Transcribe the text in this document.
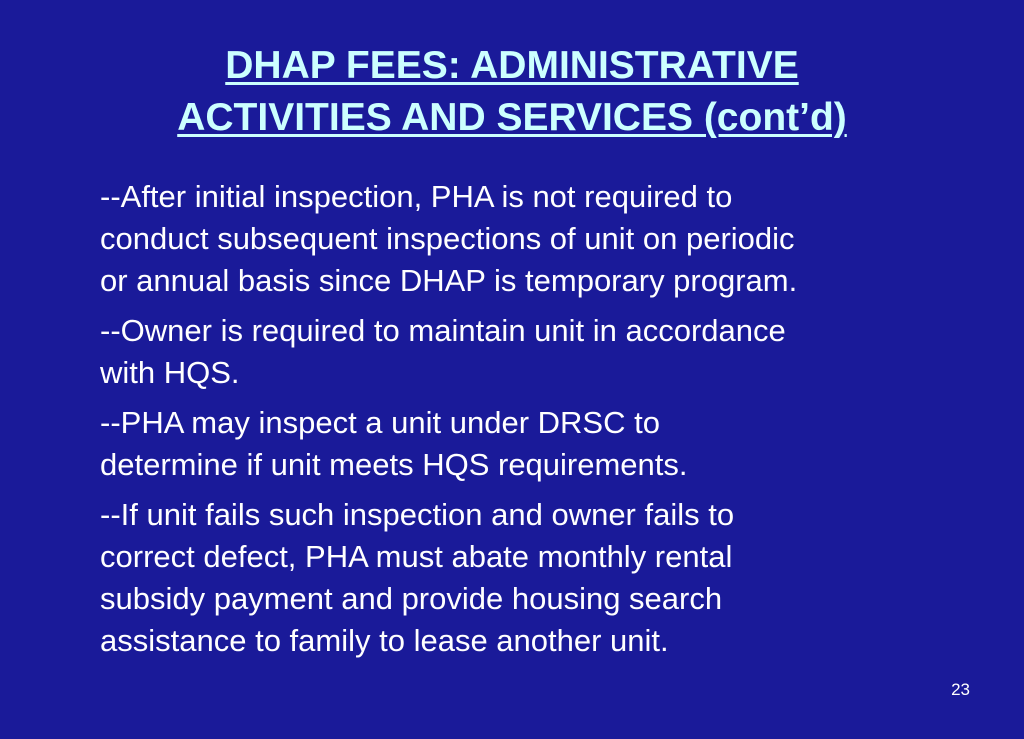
DHAP FEES: ADMINISTRATIVE
ACTIVITIES AND SERVICES (cont’d)
--After initial inspection, PHA is not required to
conduct subsequent inspections of unit on periodic
or annual basis since DHAP is temporary program.
--Owner is required to maintain unit in accordance
with HQS.
--PHA may inspect a unit under DRSC to
determine if unit meets HQS requirements.
--If unit fails such inspection and owner fails to
correct defect, PHA must abate monthly rental
subsidy payment and provide housing search
assistance to family to lease another unit.
23
